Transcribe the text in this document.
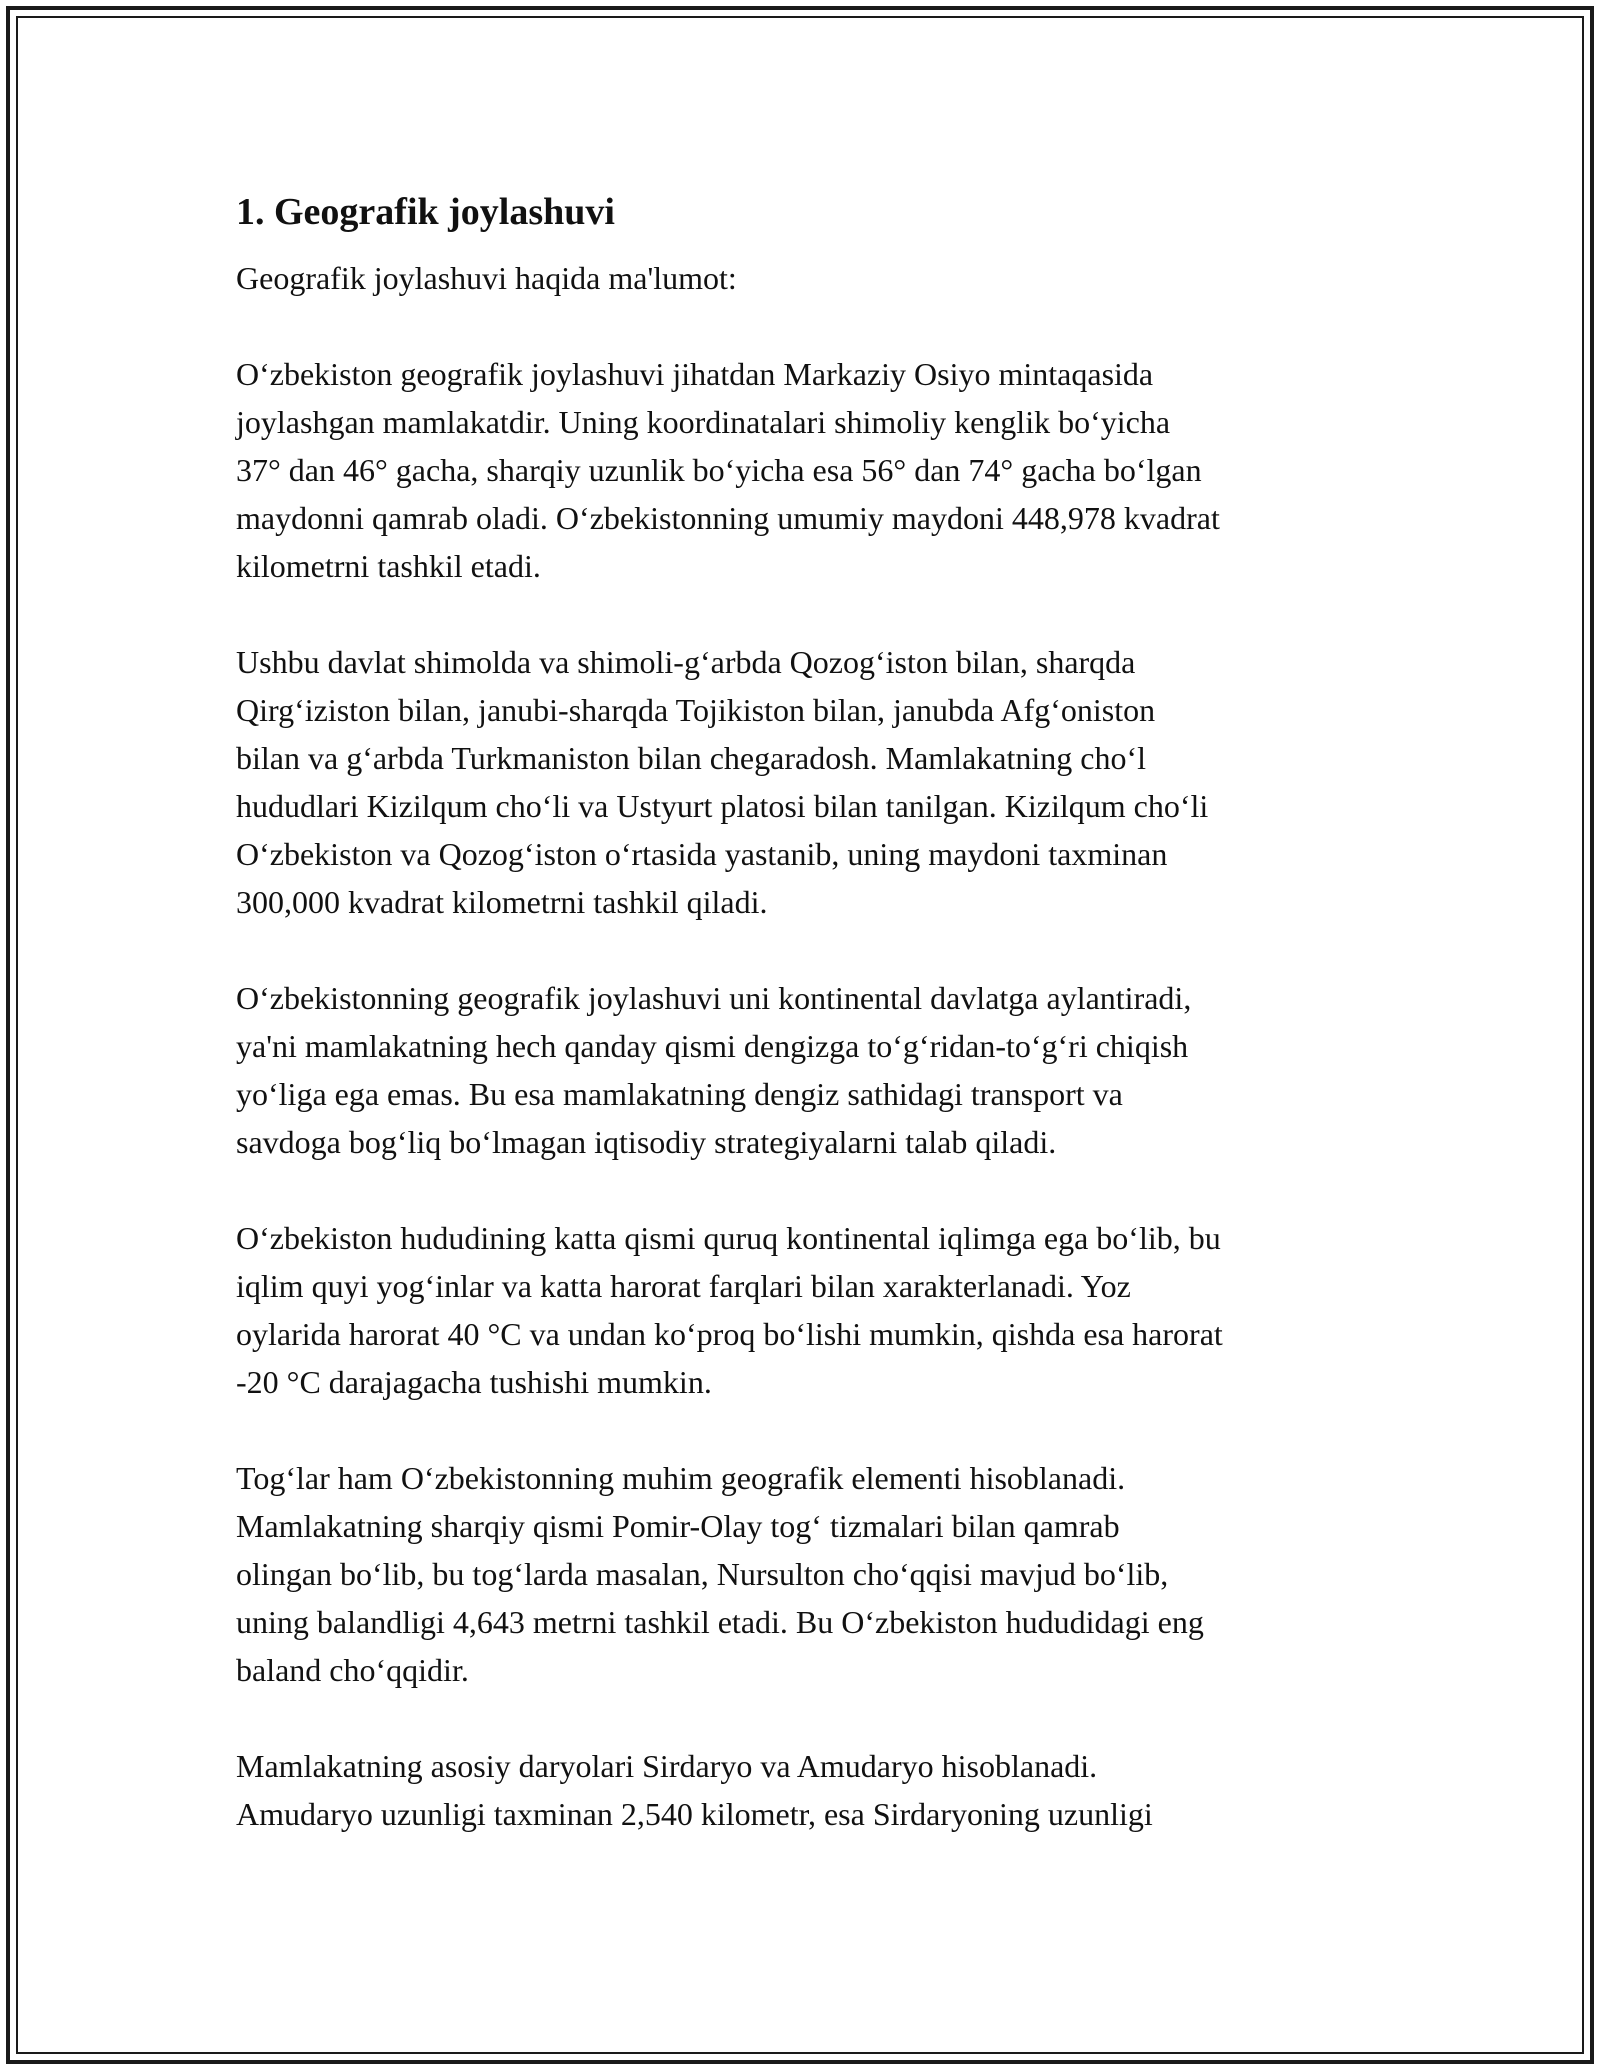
1. Geografik joylashuvi

Geografik joylashuvi haqida ma'lumot:

O‘zbekiston geografik joylashuvi jihatdan Markaziy Osiyo mintaqasida
joylashgan mamlakatdir. Uning koordinatalari shimoliy kenglik bo‘yicha
37° dan 46° gacha, sharqiy uzunlik bo‘yicha esa 56° dan 74° gacha bo‘lgan
maydonni qamrab oladi. O‘zbekistonning umumiy maydoni 448,978 kvadrat
kilometrni tashkil etadi.

Ushbu davlat shimolda va shimoli-g‘arbda Qozog‘iston bilan, sharqda
Qirg‘iziston bilan, janubi-sharqda Tojikiston bilan, janubda Afg‘oniston
bilan va g‘arbda Turkmaniston bilan chegaradosh. Mamlakatning cho‘l
hududlari Kizilqum cho‘li va Ustyurt platosi bilan tanilgan. Kizilqum cho‘li
O‘zbekiston va Qozog‘iston o‘rtasida yastanib, uning maydoni taxminan
300,000 kvadrat kilometrni tashkil qiladi.

O‘zbekistonning geografik joylashuvi uni kontinental davlatga aylantiradi,
ya'ni mamlakatning hech qanday qismi dengizga to‘g‘ridan-to‘g‘ri chiqish
yo‘liga ega emas. Bu esa mamlakatning dengiz sathidagi transport va
savdoga bog‘liq bo‘lmagan iqtisodiy strategiyalarni talab qiladi.

O‘zbekiston hududining katta qismi quruq kontinental iqlimga ega bo‘lib, bu
iqlim quyi yog‘inlar va katta harorat farqlari bilan xarakterlanadi. Yoz
oylarida harorat 40 °C va undan ko‘proq bo‘lishi mumkin, qishda esa harorat
-20 °C darajagacha tushishi mumkin.

Tog‘lar ham O‘zbekistonning muhim geografik elementi hisoblanadi.
Mamlakatning sharqiy qismi Pomir-Olay tog‘ tizmalari bilan qamrab
olingan bo‘lib, bu tog‘larda masalan, Nursulton cho‘qqisi mavjud bo‘lib,
uning balandligi 4,643 metrni tashkil etadi. Bu O‘zbekiston hududidagi eng
baland cho‘qqidir.

Mamlakatning asosiy daryolari Sirdaryo va Amudaryo hisoblanadi.
Amudaryo uzunligi taxminan 2,540 kilometr, esa Sirdaryoning uzunligi
